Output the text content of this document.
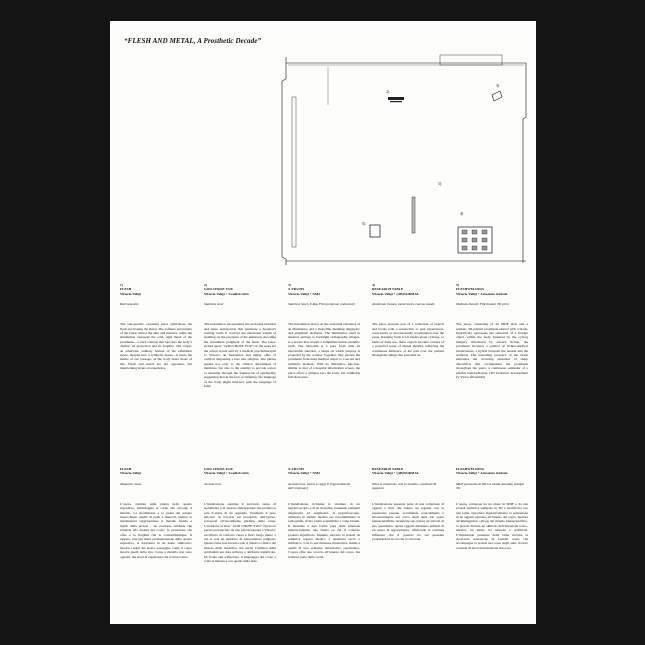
“FLESH AND METAL, A Prosthetic Decade”
1)
2)
3)
4)
5)
1)
FLESH
Vittorio Valigi
Red moquette
The site-specific carpeting piece symbolizes the flesh enveloping the metal. The softness and texture of the fabric mirror the skin and muscles, while the installation represent the cold, rigid metal of the prosthesis—a stark contrast that taps into the body’s duality: its protection and its fragility. The carpet, an otherwise ordinary feature of the exhibition space, morphs into a symbolic nexus—it bears the marks of our passage, as the body bears those of life. Flesh and metal are not opposites, but intertwining layers of experience.
2)
GOD CHOSE YOU
Vittorio Valigi + Swedish Girls
Stainless steel
The installation encapsulates the profound isolation and tense anticipation that permeate a hospital’s waiting room. It conveys the emotional weight of standing on the precipice of the unknown, decoding the incumbent judgment of the flesh. The laser-etched quote “GOD CHOSE YOU” on the seats are the actual words said by a medical psychotherapist to Vittorio, an insensitive and empty offer of comfort disguising a lure into religion. The phrase speaks not only to the clinical detachment of medicine, but also to the attempt to provide solace or meaning through the framework of spirituality, suggesting that in the face of suffering, the language of the body might intersect with the language of faith.
3)
X-TRUTH
Vittorio Valigi + NM3
Stainless Steel, X-Ray Film (original, enhanced)
The installation draws on the structural reference of an illuminator and a monolith, blending diagnostic and enigmatic elements. The illuminator, used in medical settings to backlight radiographic images, is a device that reveals a sometimes brutal scientific truth. The monolith is a pure form with an inscrutable function, a shape on which purpose is projected by the context. Together, they elevate the prosthesis from mere medical object to a sacred and symbolic element. With its illustrative function, similar to that of a hospital information screen, the piece offers a glimpse into the body, but withholds full disclosure.
4)
RESEARCH TABLE
Vittorio Valigi + (AB)NORMAL
Aluminum frames, metal mesh, canvas stands
The piece presents part of a collection of objects and books with a connection to past experiences, consciously or unconsciously accumulated over the years. Ranging from sci-fi media about cyborgs, to items of daily use, these objects become carriers of a projected sense of shared identity, reflecting the continuous influence of the past over the present through the things that surround us.
5)
FLESHWELDING
Vittorio Valigi + Armature Globale
Medium-Density Fibreboard, 3D print
The piece, consisting of an MDF altar and a realistic 3D-printed prosthesis altered with a blade, figuratively represents the sensation of a foreign object within the body. Inspired by the cyborg imagery introduced by science fiction, the prosthesis becomes a symbol of techno-medical invasiveness, a hybrid between the natural and the artificial. The unsettling presence of the blade embodies the recurring sensation of sharp discomfort that accompanies the prosthesis throughout the years, a continuous reminder of a painful transformation. (3D Technical development by Victor Öfverdahl)
FLESH
Vittorio Valigi
Moquette rossa
L’opera, studiata sulla pianta dello spazio espositivo, simboleggia la carne che avvolge il metallo. La morbidezza e la grana del tessuto rispecchiano quelle di pelle e muscoli, mentre le installazioni rappresentano il metallo freddo e rigido della protesi – un contrasto stridente che rimanda alla dualità del corpo: la protezione che offre e la fragilità che le contraddistingue. Il tappeto, non più mera pavimentazione dello spazio espositivo, si trasforma in un nesso simbolico: mostra i segni del nostro passaggio, come il corpo mostra quelli della vita. Carne e metallo non sono opposti, ma strati di esperienza che si intrecciano.
GOD CHOSE YOU
Vittorio Valigi + Swedish Girls
Acciaio inox
L’installazione esprime il profondo senso di isolamento e di ansiosa anticipazione che permea la sala d’attesa di un ospedale. Trasmette il peso emotivo di trovarsi sul precipizio dell’ignoto, sottoposti all’incombente giudizio della carne. L’incisione al laser “GOD CHOSE YOU” riporta le parole pronunciate da uno psicoterapeuta a Vittorio: un’offerta di conforto vuota e fuori luogo dietro a cui si cela un tentativo di adescamento religioso. Questa frase non incarna solo il distacco clinico del mondo della medicina, ma anche l’utilizzo della spiritualità per dare sollievo o attribuire significato. Di fronte alla sofferenza, il linguaggio del corpo a volte si interseca con quello della fede.
X-TRUTH
Vittorio Valigi + NM3
Acciaio inox, lastra a raggi X (ingrandimenti dell’originale)
L’installazione richiama le strutture di un negativoscopio e di un monolite, fondendo elementi diagnostici ed enigmatici. Il negativoscopio, utilizzato in ambito medico per retroilluminare le radiografie, rivela verità scientifiche a volte brutali. Il monolite è una forma pura dalla funzione imperscrutabile, una forma su cui il contesto proietta significato. Insieme, elevano la protesi da semplice reperto medico a elemento sacro e simbolico. Con la sua funzione illustrativa, simile a quella di uno schermo informativo ospedaliero, l’opera offre uno scorcio all’interno del corpo, ma trattiene parte della verità.
RESEARCH TABLE
Vittorio Valigi + (AB)NORMAL
Telai in alluminio, rete in metallo, cavalletti di supporto
L’installazione presenta parte di una collezione di oggetti e libri che hanno un legame con le esperienze passate, accumulate consciamente o inconsciamente nel corso degli anni. Da opere fantascientifiche incentrate sui cyborg ad articoli di uso quotidiano, questi oggetti diventano simboli di un senso di appartenenza, riflettendo la continua influenza che il passato ha sul presente proiettandosi in ciò che ci circonda.
FLESHWELDING
Vittorio Valigi + Armature Globale
MDF (pannello di fibra a media densità), stampa 3D
L’opera, composta da un altare in MDF e da una protesi realistica stampata in 3D e modificata con una lama, riproduce figurativamente la sensazione di un oggetto estraneo all’interno del corpo. Ispirata all’immaginario cyborg del mondo fantascientifico, la protesi diventa un simbolo dell’invasività tecno-medica, un ibrido tra naturale e artificiale. L’inquietante presenza della lama incarna la ricorrente sensazione di fastidio acuto che accompagna la protesi nel corso degli anni, ricordo costante di una trasformazione dolorosa.
